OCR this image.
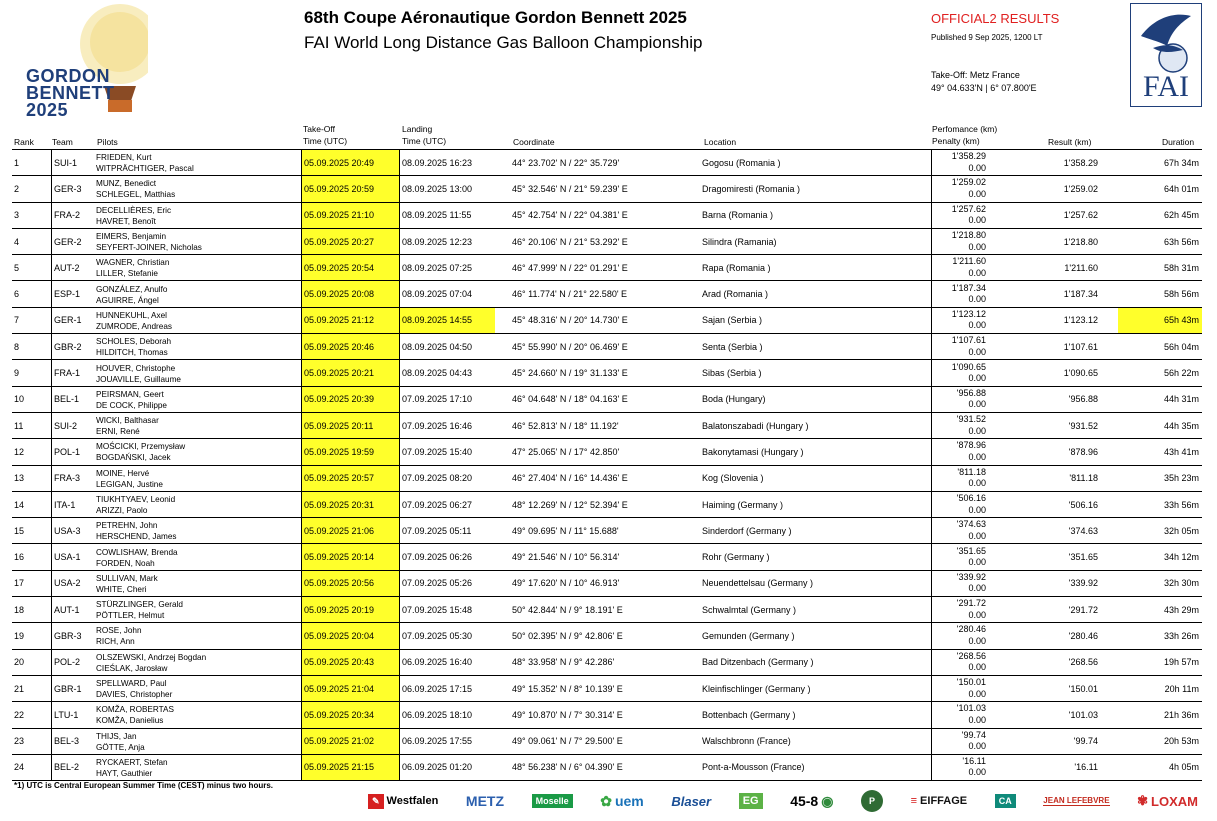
GORDON
BENNETT
2025
68th Coupe Aéronautique Gordon Bennett 2025
FAI World Long Distance Gas Balloon Championship
OFFICIAL2 RESULTS
Published 9 Sep 2025, 1200 LT
Take-Off: Metz France
49° 04.633'N | 6° 07.800'E	FAI
Rank Team	Pilots
Take-Off
Time (UTC)
Landing
Time (UTC)	Coordinate	Location
Perfomance (km)
Penalty (km)	Result (km)	Duration
1	SUI-1	FRIEDEN, Kurt
WITPRÄCHTIGER, Pascal
05.09.2025 20:49	08.09.2025 16:23	44° 23.702' N / 22° 35.729'	Gogosu (Romania )
1'358.29
0.00	1'358.29	67h 34m
2	GER-3	MUNZ, Benedict
SCHLEGEL, Matthias
05.09.2025 20:59	08.09.2025 13:00	45° 32.546' N / 21° 59.239' E	Dragomiresti (Romania )
1'259.02
0.00	1'259.02	64h 01m
3	FRA-2	DECELLIÈRES, Eric
HAVRET, Benoît
05.09.2025 21:10	08.09.2025 11:55	45° 42.754' N / 22° 04.381' E	Barna (Romania )
1'257.62
0.00	1'257.62	62h 45m
4	GER-2	EIMERS, Benjamin
SEYFERT-JOINER, Nicholas
05.09.2025 20:27	08.09.2025 12:23	46° 20.106' N / 21° 53.292' E	Silindra (Ramania)
1'218.80
0.00	1'218.80	63h 56m
5	AUT-2	WAGNER, Christian
LILLER, Stefanie
05.09.2025 20:54	08.09.2025 07:25	46° 47.999' N / 22° 01.291' E	Rapa (Romania )
1'211.60
0.00	1'211.60	58h 31m
6	ESP-1	GONZÁLEZ, Anulfo
AGUIRRE, Ángel
05.09.2025 20:08	08.09.2025 07:04	46° 11.774' N / 21° 22.580' E	Arad (Romania )
1'187.34
0.00	1'187.34	58h 56m
7	GER-1	HUNNEKUHL, Axel
ZUMRODE, Andreas
05.09.2025 21:12	08.09.2025 14:55	45° 48.316' N / 20° 14.730' E	Sajan (Serbia )
1'123.12
0.00	1'123.12	65h 43m
8	GBR-2	SCHOLES, Deborah
HILDITCH, Thomas
05.09.2025 20:46	08.09.2025 04:50	45° 55.990' N / 20° 06.469' E	Senta (Serbia )
1'107.61
0.00	1'107.61	56h 04m
9	FRA-1	HOUVER, Christophe
JOUAVILLE, Guillaume
05.09.2025 20:21	08.09.2025 04:43	45° 24.660' N / 19° 31.133' E	Sibas (Serbia )
1'090.65
0.00	1'090.65	56h 22m
10	BEL-1	PEIRSMAN, Geert
DE COCK, Philippe
05.09.2025 20:39	07.09.2025 17:10	46° 04.648' N / 18° 04.163' E	Boda (Hungary)
'956.88
0.00	'956.88	44h 31m
11	SUI-2	WICKI, Balthasar
ERNI, René
05.09.2025 20:11	07.09.2025 16:46	46° 52.813' N / 18° 11.192'	Balatonszabadi (Hungary )
'931.52
0.00	'931.52	44h 35m
12	POL-1	MOŚCICKI, Przemysław
BOGDAŃSKI, Jacek
05.09.2025 19:59	07.09.2025 15:40	47° 25.065' N / 17° 42.850'	Bakonytamasi (Hungary )
'878.96
0.00	'878.96	43h 41m
13	FRA-3	MOINE, Hervé
LEGIGAN, Justine
05.09.2025 20:57	07.09.2025 08:20	46° 27.404' N / 16° 14.436' E	Kog (Slovenia )
'811.18
0.00	'811.18	35h 23m
14	ITA-1	TIUKHTYAEV, Leonid
ARIZZI, Paolo
05.09.2025 20:31	07.09.2025 06:27	48° 12.269' N / 12° 52.394' E	Haiming (Germany )
'506.16
0.00	'506.16	33h 56m
15	USA-3	PETREHN, John
HERSCHEND, James
05.09.2025 21:06	07.09.2025 05:11	49° 09.695' N / 11° 15.688'	Sinderdorf (Germany )
'374.63
0.00	'374.63	32h 05m
16	USA-1	COWLISHAW, Brenda
FORDEN, Noah
05.09.2025 20:14	07.09.2025 06:26	49° 21.546' N / 10° 56.314'	Rohr (Germany )
'351.65
0.00	'351.65	34h 12m
17	USA-2	SULLIVAN, Mark
WHITE, Cheri
05.09.2025 20:56	07.09.2025 05:26	49° 17.620' N / 10° 46.913'	Neuendettelsau (Germany )
'339.92
0.00	'339.92	32h 30m
18	AUT-1	STÜRZLINGER, Gerald
PÖTTLER, Helmut
05.09.2025 20:19	07.09.2025 15:48	50° 42.844' N / 9° 18.191' E	Schwalmtal (Germany )
'291.72
0.00	'291.72	43h 29m
19	GBR-3	ROSE, John
RICH, Ann
05.09.2025 20:04	07.09.2025 05:30	50° 02.395' N / 9° 42.806' E	Gemunden (Germany )
'280.46
0.00	'280.46	33h 26m
20	POL-2	OLSZEWSKI, Andrzej Bogdan
CIEŚLAK, Jarosław
05.09.2025 20:43	06.09.2025 16:40	48° 33.958' N / 9° 42.286'	Bad Ditzenbach (Germany )
'268.56
0.00	'268.56	19h 57m
21	GBR-1	SPELLWARD, Paul
DAVIES, Christopher
05.09.2025 21:04	06.09.2025 17:15	49° 15.352' N / 8° 10.139' E	Kleinfischlinger (Germany )
'150.01
0.00	'150.01	20h 11m
22	LTU-1	KOMŽA, ROBERTAS
KOMŽA, Danielius
05.09.2025 20:34	06.09.2025 18:10	49° 10.870' N / 7° 30.314' E	Bottenbach (Germany )
'101.03
0.00	'101.03	21h 36m
23	BEL-3	THIJS, Jan
GÖTTE, Anja
05.09.2025 21:02	06.09.2025 17:55	49° 09.061' N / 7° 29.500' E	Walschbronn (France)
'99.74
0.00	'99.74	20h 53m
24	BEL-2	RYCKAERT, Stefan
HAYT, Gauthier
05.09.2025 21:15	06.09.2025 01:20	48° 56.238' N / 6° 04.390' E	Pont-a-Mousson (France)
'16.11
0.00	'16.11	4h 05m
*1) UTC is Central European Summer Time (CEST) minus two hours.
✎ Westfalen METZ	Moselle ✿ uem Blaser	EG 45-8 ◉	P	≡ EIFFAGE	CA	JEAN LEFEBVRE ✾ LOXAM
